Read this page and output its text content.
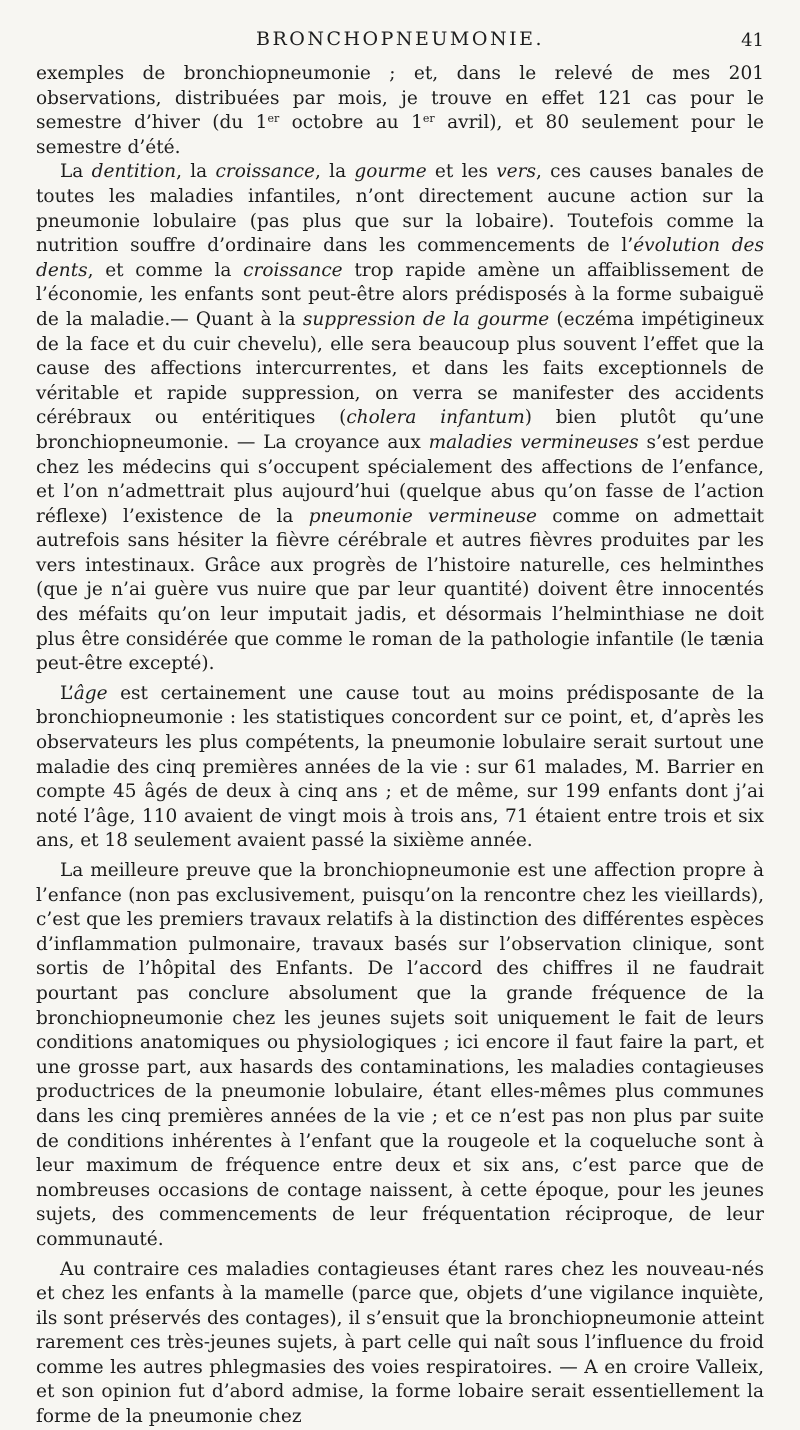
BRONCHOPNEUMONIE.	41

exemples de bronchiopneumonie ; et, dans le relevé de mes 201 observations, distribuées par mois, je trouve en effet 121 cas pour le semestre d’hiver (du 1er octobre au 1er avril), et 80 seulement pour le semestre d’été.

La dentition, la croissance, la gourme et les vers, ces causes banales de toutes les maladies infantiles, n’ont directement aucune action sur la pneumonie lobulaire (pas plus que sur la lobaire). Toutefois comme la nutrition souffre d’ordinaire dans les commencements de l’évolution des dents, et comme la croissance trop rapide amène un affaiblissement de l’économie, les enfants sont peut-être alors prédisposés à la forme subaiguë de la maladie.— Quant à la suppression de la gourme (eczéma impétigineux de la face et du cuir chevelu), elle sera beaucoup plus souvent l’effet que la cause des affections intercurrentes, et dans les faits exceptionnels de véritable et rapide suppression, on verra se manifester des accidents cérébraux ou entéritiques (cholera infantum) bien plutôt qu’une bronchiopneumonie. — La croyance aux maladies vermineuses s’est perdue chez les médecins qui s’occupent spécialement des affections de l’enfance, et l’on n’admettrait plus aujourd’hui (quelque abus qu’on fasse de l’action réflexe) l’existence de la pneumonie vermineuse comme on admettait autrefois sans hésiter la fièvre cérébrale et autres fièvres produites par les vers intestinaux. Grâce aux progrès de l’histoire naturelle, ces helminthes (que je n’ai guère vus nuire que par leur quantité) doivent être innocentés des méfaits qu’on leur imputait jadis, et désormais l’helminthiase ne doit plus être considérée que comme le roman de la pathologie infantile (le tænia peut-être excepté).

L’âge est certainement une cause tout au moins prédisposante de la bronchiopneumonie : les statistiques concordent sur ce point, et, d’après les observateurs les plus compétents, la pneumonie lobulaire serait surtout une maladie des cinq premières années de la vie : sur 61 malades, M. Barrier en compte 45 âgés de deux à cinq ans ; et de même, sur 199 enfants dont j’ai noté l’âge, 110 avaient de vingt mois à trois ans, 71 étaient entre trois et six ans, et 18 seulement avaient passé la sixième année.

La meilleure preuve que la bronchiopneumonie est une affection propre à l’enfance (non pas exclusivement, puisqu’on la rencontre chez les vieillards), c’est que les premiers travaux relatifs à la distinction des différentes espèces d’inflammation pulmonaire, travaux basés sur l’observation clinique, sont sortis de l’hôpital des Enfants. De l’accord des chiffres il ne faudrait pourtant pas conclure absolument que la grande fréquence de la bronchiopneumonie chez les jeunes sujets soit uniquement le fait de leurs conditions anatomiques ou physiologiques ; ici encore il faut faire la part, et une grosse part, aux hasards des contaminations, les maladies contagieuses productrices de la pneumonie lobulaire, étant elles-mêmes plus communes dans les cinq premières années de la vie ; et ce n’est pas non plus par suite de conditions inhérentes à l’enfant que la rougeole et la coqueluche sont à leur maximum de fréquence entre deux et six ans, c’est parce que de nombreuses occasions de contage naissent, à cette époque, pour les jeunes sujets, des commencements de leur fréquentation réciproque, de leur communauté.

Au contraire ces maladies contagieuses étant rares chez les nouveau-nés et chez les enfants à la mamelle (parce que, objets d’une vigilance inquiète, ils sont préservés des contages), il s’ensuit que la bronchiopneumonie atteint rarement ces très-jeunes sujets, à part celle qui naît sous l’influence du froid comme les autres phlegmasies des voies respiratoires. — A en croire Valleix, et son opinion fut d’abord admise, la forme lobaire serait essentiellement la forme de la pneumonie chez
